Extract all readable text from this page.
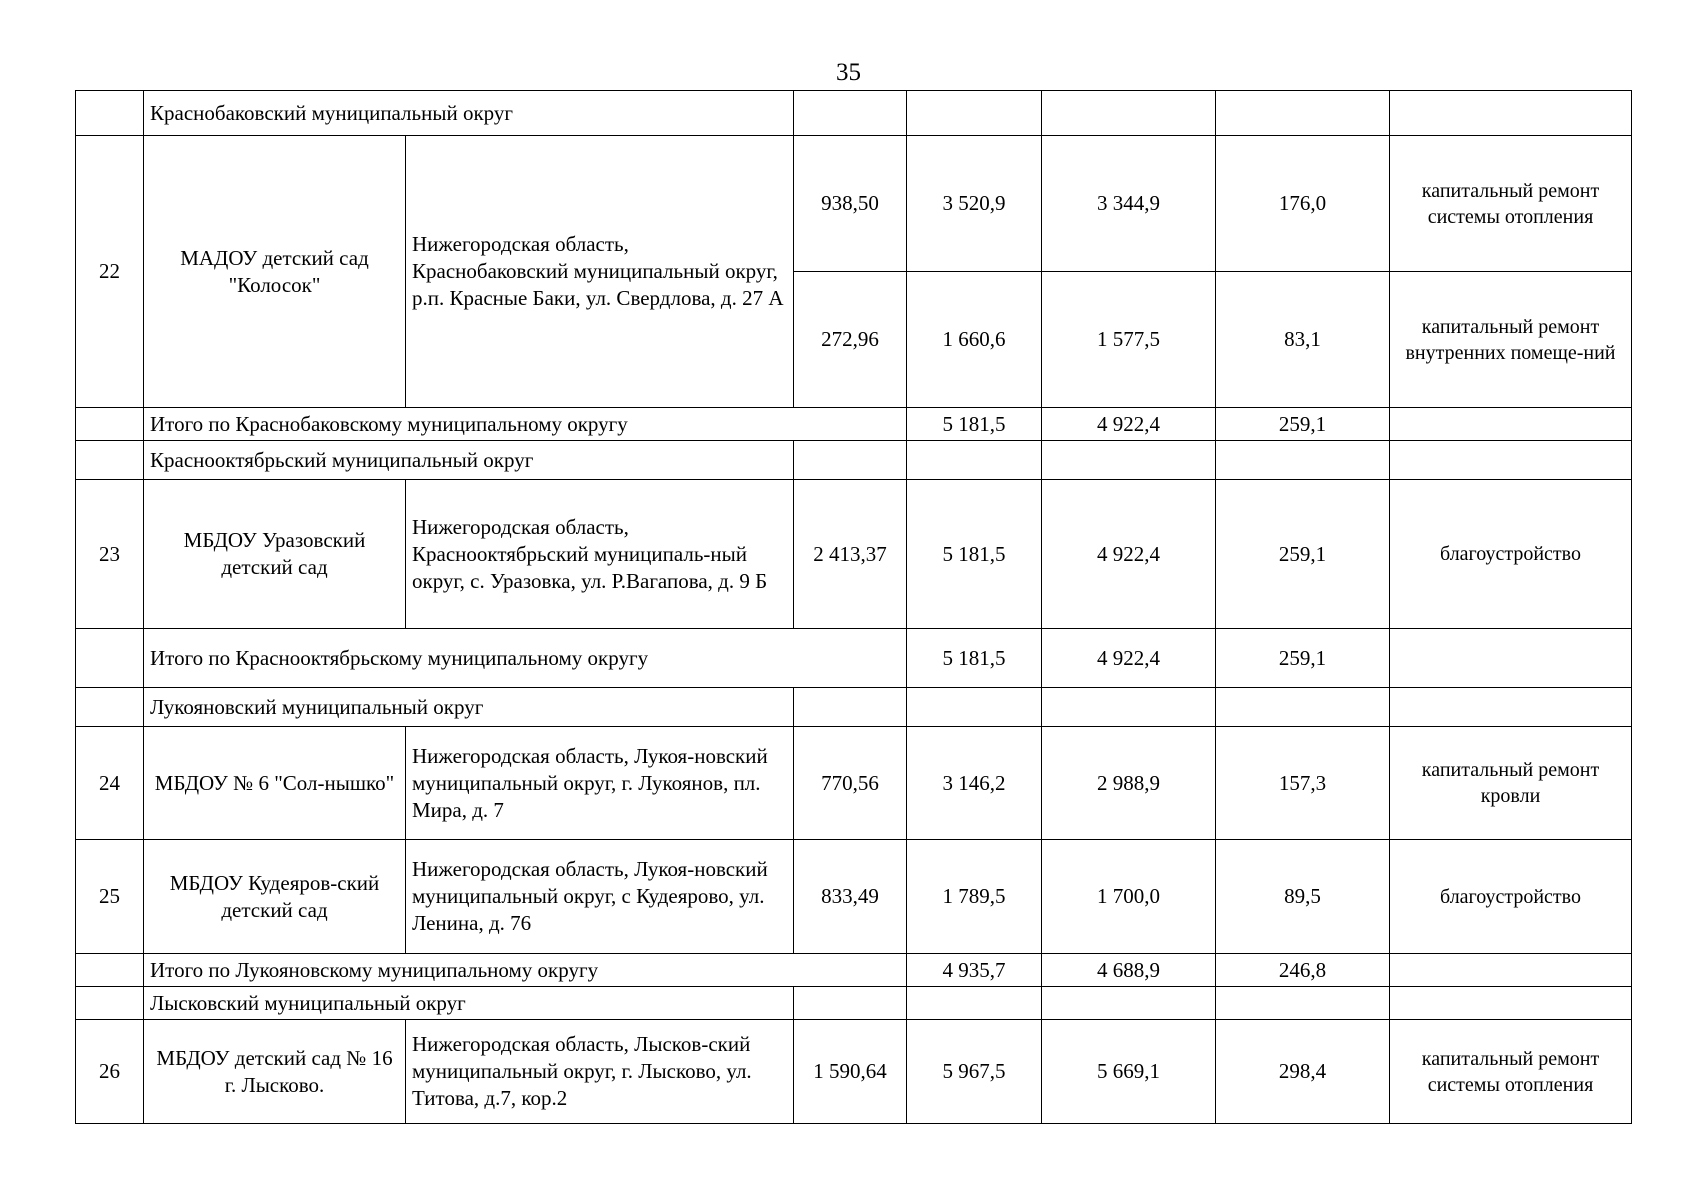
35
	Краснобаковский муниципальный округ						
22	МАДОУ детский сад "Колосок"	Нижегородская область, Краснобаковский муниципальный округ, р.п. Красные Баки, ул. Свердлова, д. 27 А	938,50	3 520,9	3 344,9	176,0	капитальный ремонт системы отопления
			272,96	1 660,6	1 577,5	83,1	капитальный ремонт внутренних помеще-ний
	Итого по Краснобаковскому муниципальному округу			5 181,5	4 922,4	259,1	
	Краснооктябрьский муниципальный округ						
23	МБДОУ Уразовский детский сад	Нижегородская область, Краснооктябрьский муниципаль-ный округ, с. Уразовка, ул. Р.Вагапова, д. 9 Б	2 413,37	5 181,5	4 922,4	259,1	благоустройство
	Итого по Краснооктябрьскому муниципальному округу			5 181,5	4 922,4	259,1	
	Лукояновский муниципальный округ						
24	МБДОУ № 6 "Сол-нышко"	Нижегородская область, Лукоя-новский муниципальный округ, г. Лукоянов, пл. Мира, д. 7	770,56	3 146,2	2 988,9	157,3	капитальный ремонт кровли
25	МБДОУ Кудеяров-ский детский сад	Нижегородская область, Лукоя-новский муниципальный округ, с Кудеярово, ул. Ленина, д. 76	833,49	1 789,5	1 700,0	89,5	благоустройство
	Итого по Лукояновскому муниципальному округу			4 935,7	4 688,9	246,8	
	Лысковский муниципальный округ						
26	МБДОУ детский сад № 16 г. Лысково.	Нижегородская область, Лысков-ский муниципальный округ, г. Лысково, ул. Титова, д.7, кор.2	1 590,64	5 967,5	5 669,1	298,4	капитальный ремонт системы отопления
